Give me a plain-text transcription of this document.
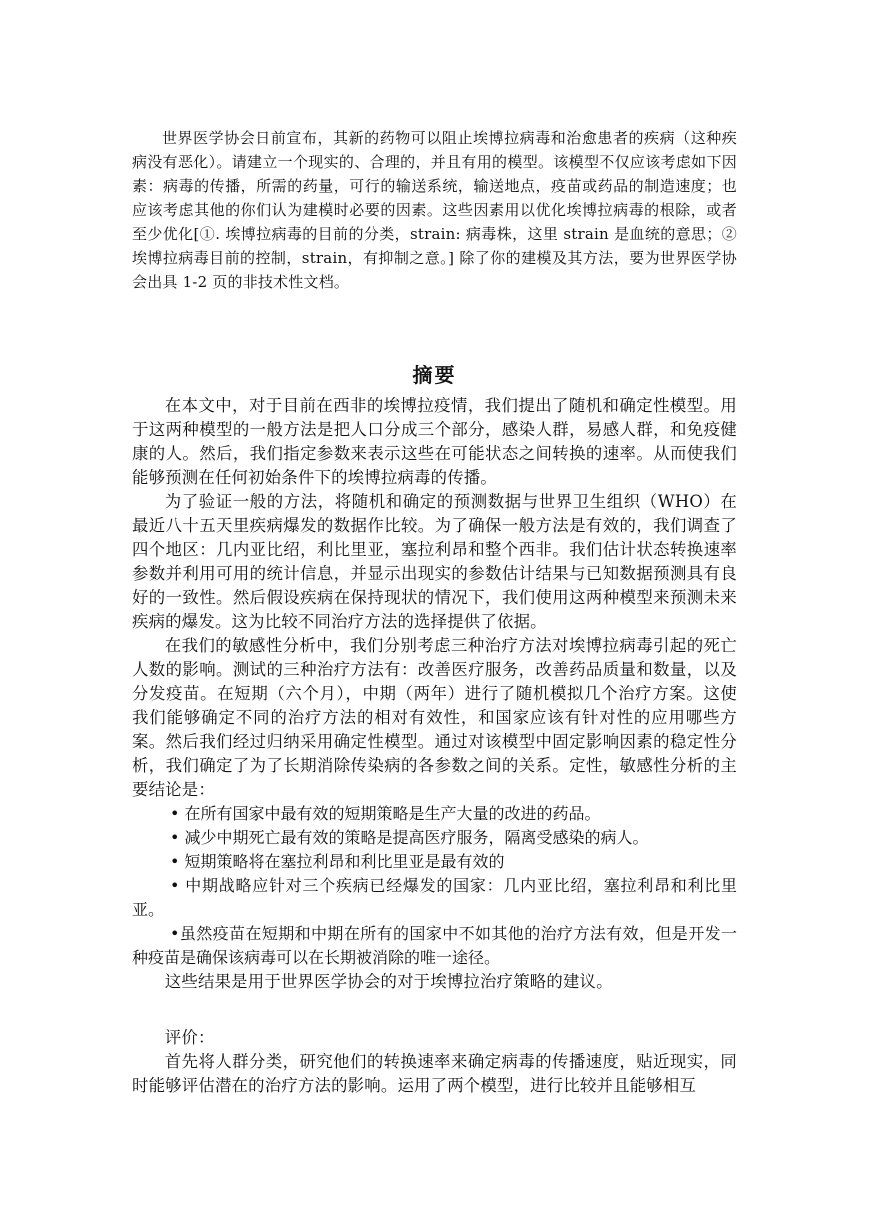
世界医学协会日前宣布，其新的药物可以阻止埃博拉病毒和治愈患者的疾病（这种疾病没有恶化）。请建立一个现实的、合理的，并且有用的模型。该模型不仅应该考虑如下因素：病毒的传播，所需的药量，可行的输送系统，输送地点，疫苗或药品的制造速度；也应该考虑其他的你们认为建模时必要的因素。这些因素用以优化埃博拉病毒的根除，或者至少优化[①. 埃博拉病毒的目前的分类，strain: 病毒株，这里 strain 是血统的意思；②埃博拉病毒目前的控制，strain，有抑制之意。] 除了你的建模及其方法，要为世界医学协会出具 1-2 页的非技术性文档。

摘要

在本文中，对于目前在西非的埃博拉疫情，我们提出了随机和确定性模型。用于这两种模型的一般方法是把人口分成三个部分，感染人群，易感人群，和免疫健康的人。然后，我们指定参数来表示这些在可能状态之间转换的速率。从而使我们能够预测在任何初始条件下的埃博拉病毒的传播。

为了验证一般的方法，将随机和确定的预测数据与世界卫生组织（WHO）在最近八十五天里疾病爆发的数据作比较。为了确保一般方法是有效的，我们调查了四个地区：几内亚比绍，利比里亚，塞拉利昂和整个西非。我们估计状态转换速率参数并利用可用的统计信息，并显示出现实的参数估计结果与已知数据预测具有良好的一致性。然后假设疾病在保持现状的情况下，我们使用这两种模型来预测未来疾病的爆发。这为比较不同治疗方法的选择提供了依据。

在我们的敏感性分析中，我们分别考虑三种治疗方法对埃博拉病毒引起的死亡人数的影响。测试的三种治疗方法有：改善医疗服务，改善药品质量和数量，以及分发疫苗。在短期（六个月），中期（两年）进行了随机模拟几个治疗方案。这使我们能够确定不同的治疗方法的相对有效性，和国家应该有针对性的应用哪些方案。然后我们经过归纳采用确定性模型。通过对该模型中固定影响因素的稳定性分析，我们确定了为了长期消除传染病的各参数之间的关系。定性，敏感性分析的主要结论是：

• 在所有国家中最有效的短期策略是生产大量的改进的药品。

• 减少中期死亡最有效的策略是提高医疗服务，隔离受感染的病人。

• 短期策略将在塞拉利昂和利比里亚是最有效的

• 中期战略应针对三个疾病已经爆发的国家：几内亚比绍，塞拉利昂和利比里亚。

•虽然疫苗在短期和中期在所有的国家中不如其他的治疗方法有效，但是开发一种疫苗是确保该病毒可以在长期被消除的唯一途径。

这些结果是用于世界医学协会的对于埃博拉治疗策略的建议。

评价：

首先将人群分类，研究他们的转换速率来确定病毒的传播速度，贴近现实，同时能够评估潜在的治疗方法的影响。运用了两个模型，进行比较并且能够相互
